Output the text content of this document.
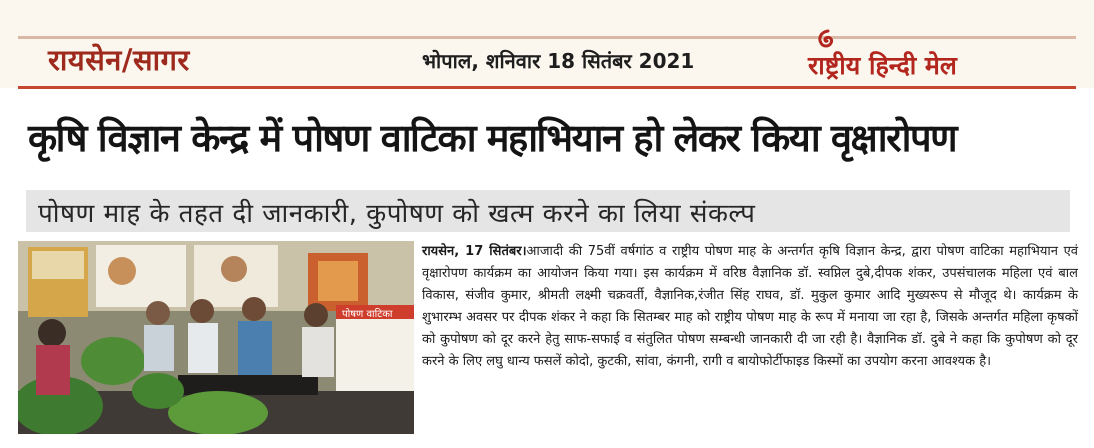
रायसेन/सागर	भोपाल, शनिवार 18 सितंबर 2021	राष्ट्रीय हिन्दी मेल
कृषि विज्ञान केन्द्र में पोषण वाटिका महाभियान हो लेकर किया वृक्षारोपण
पोषण माह के तहत दी जानकारी, कुपोषण को खत्म करने का लिया संकल्प
पोषण वाटिका
रायसेन, 17 सितंबर।आजादी की 75वीं वर्षगांठ व राष्ट्रीय पोषण माह के अन्तर्गत कृषि विज्ञान केन्द्र, द्वारा पोषण वाटिका महाभियान एवं वृक्षारोपण कार्यक्रम का आयोजन किया गया। इस कार्यक्रम में वरिष्ठ वैज्ञानिक डॉ. स्वप्निल दुबे,दीपक शंकर, उपसंचालक महिला एवं बाल विकास, संजीव कुमार, श्रीमती लक्ष्मी चक्रवर्ती, वैज्ञानिक,रंजीत सिंह राघव, डॉ. मुकुल कुमार आदि मुख्यरूप से मौजूद थे। कार्यक्रम के शुभारम्भ अवसर पर दीपक शंकर ने कहा कि सितम्बर माह को राष्ट्रीय पोषण माह के रूप में मनाया जा रहा है, जिसके अन्तर्गत महिला कृषकों को कुपोषण को दूर करने हेतु साफ-सफाई व संतुलित पोषण सम्बन्धी जानकारी दी जा रही है। वैज्ञानिक डॉ. दुबे ने कहा कि कुपोषण को दूर करने के लिए लघु धान्य फसलें कोदो, कुटकी, सांवा, कंगनी, रागी व बायोफोर्टीफाइड किस्मों का उपयोग करना आवश्यक है।
